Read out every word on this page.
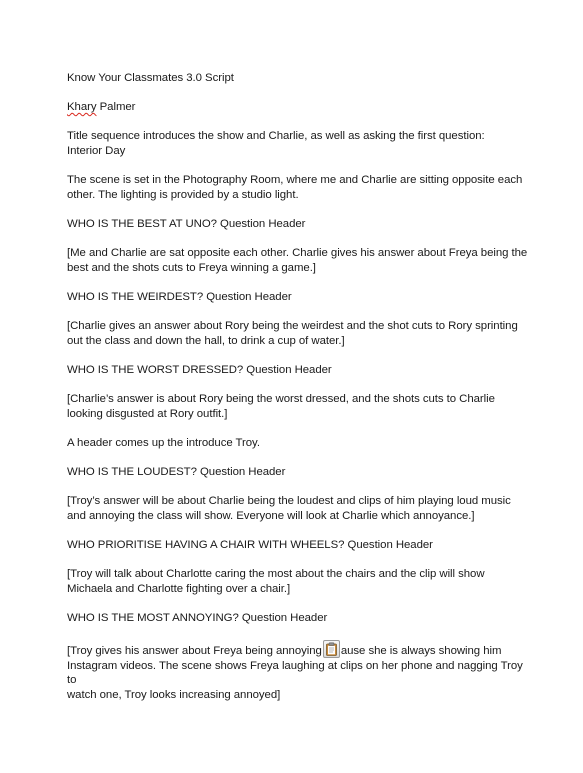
Know Your Classmates 3.0 Script

Khary Palmer

Title sequence introduces the show and Charlie, as well as asking the first question:
Interior Day

The scene is set in the Photography Room, where me and Charlie are sitting opposite each
other. The lighting is provided by a studio light.

WHO IS THE BEST AT UNO? Question Header

[Me and Charlie are sat opposite each other. Charlie gives his answer about Freya being the
best and the shots cuts to Freya winning a game.]

WHO IS THE WEIRDEST? Question Header

[Charlie gives an answer about Rory being the weirdest and the shot cuts to Rory sprinting
out the class and down the hall, to drink a cup of water.]

WHO IS THE WORST DRESSED? Question Header

[Charlie’s answer is about Rory being the worst dressed, and the shots cuts to Charlie
looking disgusted at Rory outfit.]

A header comes up the introduce Troy.

WHO IS THE LOUDEST? Question Header

[Troy’s answer will be about Charlie being the loudest and clips of him playing loud music
and annoying the class will show. Everyone will look at Charlie which annoyance.]

WHO PRIORITISE HAVING A CHAIR WITH WHEELS? Question Header

[Troy will talk about Charlotte caring the most about the chairs and the clip will show
Michaela and Charlotte fighting over a chair.]

WHO IS THE MOST ANNOYING? Question Header

[Troy gives his answer about Freya being annoying ause she is always showing him
Instagram videos. The scene shows Freya laughing at clips on her phone and nagging Troy to
watch one, Troy looks increasing annoyed]
